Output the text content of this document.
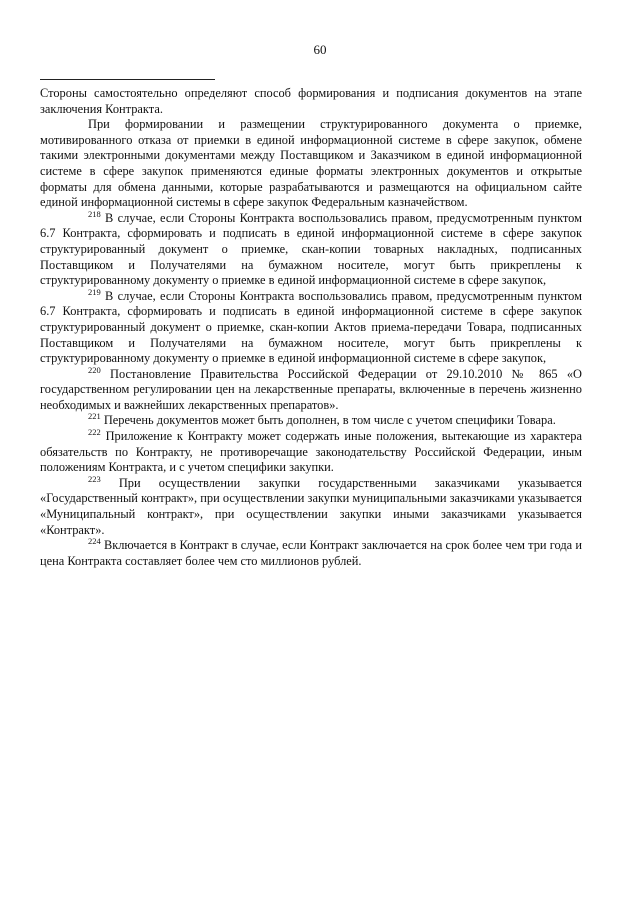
60

Стороны самостоятельно определяют способ формирования и подписания документов на этапе заключения Контракта.

При формировании и размещении структурированного документа о приемке, мотивированного отказа от приемки в единой информационной системе в сфере закупок, обмене такими электронными документами между Поставщиком и Заказчиком в единой информационной системе в сфере закупок применяются единые форматы электронных документов и открытые форматы для обмена данными, которые разрабатываются и размещаются на официальном сайте единой информационной системы в сфере закупок Федеральным казначейством.

$^{218}$ В случае, если Стороны Контракта воспользовались правом, предусмотренным пунктом 6.7 Контракта, сформировать и подписать в единой информационной системе в сфере закупок структурированный документ о приемке, скан-копии товарных накладных, подписанных Поставщиком и Получателями на бумажном носителе, могут быть прикреплены к структурированному документу о приемке в единой информационной системе в сфере закупок,

$^{219}$ В случае, если Стороны Контракта воспользовались правом, предусмотренным пунктом 6.7 Контракта, сформировать и подписать в единой информационной системе в сфере закупок структурированный документ о приемке, скан-копии Актов приема-передачи Товара, подписанных Поставщиком и Получателями на бумажном носителе, могут быть прикреплены к структурированному документу о приемке в единой информационной системе в сфере закупок,

$^{220}$ Постановление Правительства Российской Федерации от 29.10.2010 № 865 «О государственном регулировании цен на лекарственные препараты, включенные в перечень жизненно необходимых и важнейших лекарственных препаратов».

$^{221}$ Перечень документов может быть дополнен, в том числе с учетом специфики Товара.

$^{222}$ Приложение к Контракту может содержать иные положения, вытекающие из характера обязательств по Контракту, не противоречащие законодательству Российской Федерации, иным положениям Контракта, и с учетом специфики закупки.

$^{223}$ При осуществлении закупки государственными заказчиками указывается «Государственный контракт», при осуществлении закупки муниципальными заказчиками указывается «Муниципальный контракт», при осуществлении закупки иными заказчиками указывается «Контракт».

$^{224}$ Включается в Контракт в случае, если Контракт заключается на срок более чем три года и цена Контракта составляет более чем сто миллионов рублей.
